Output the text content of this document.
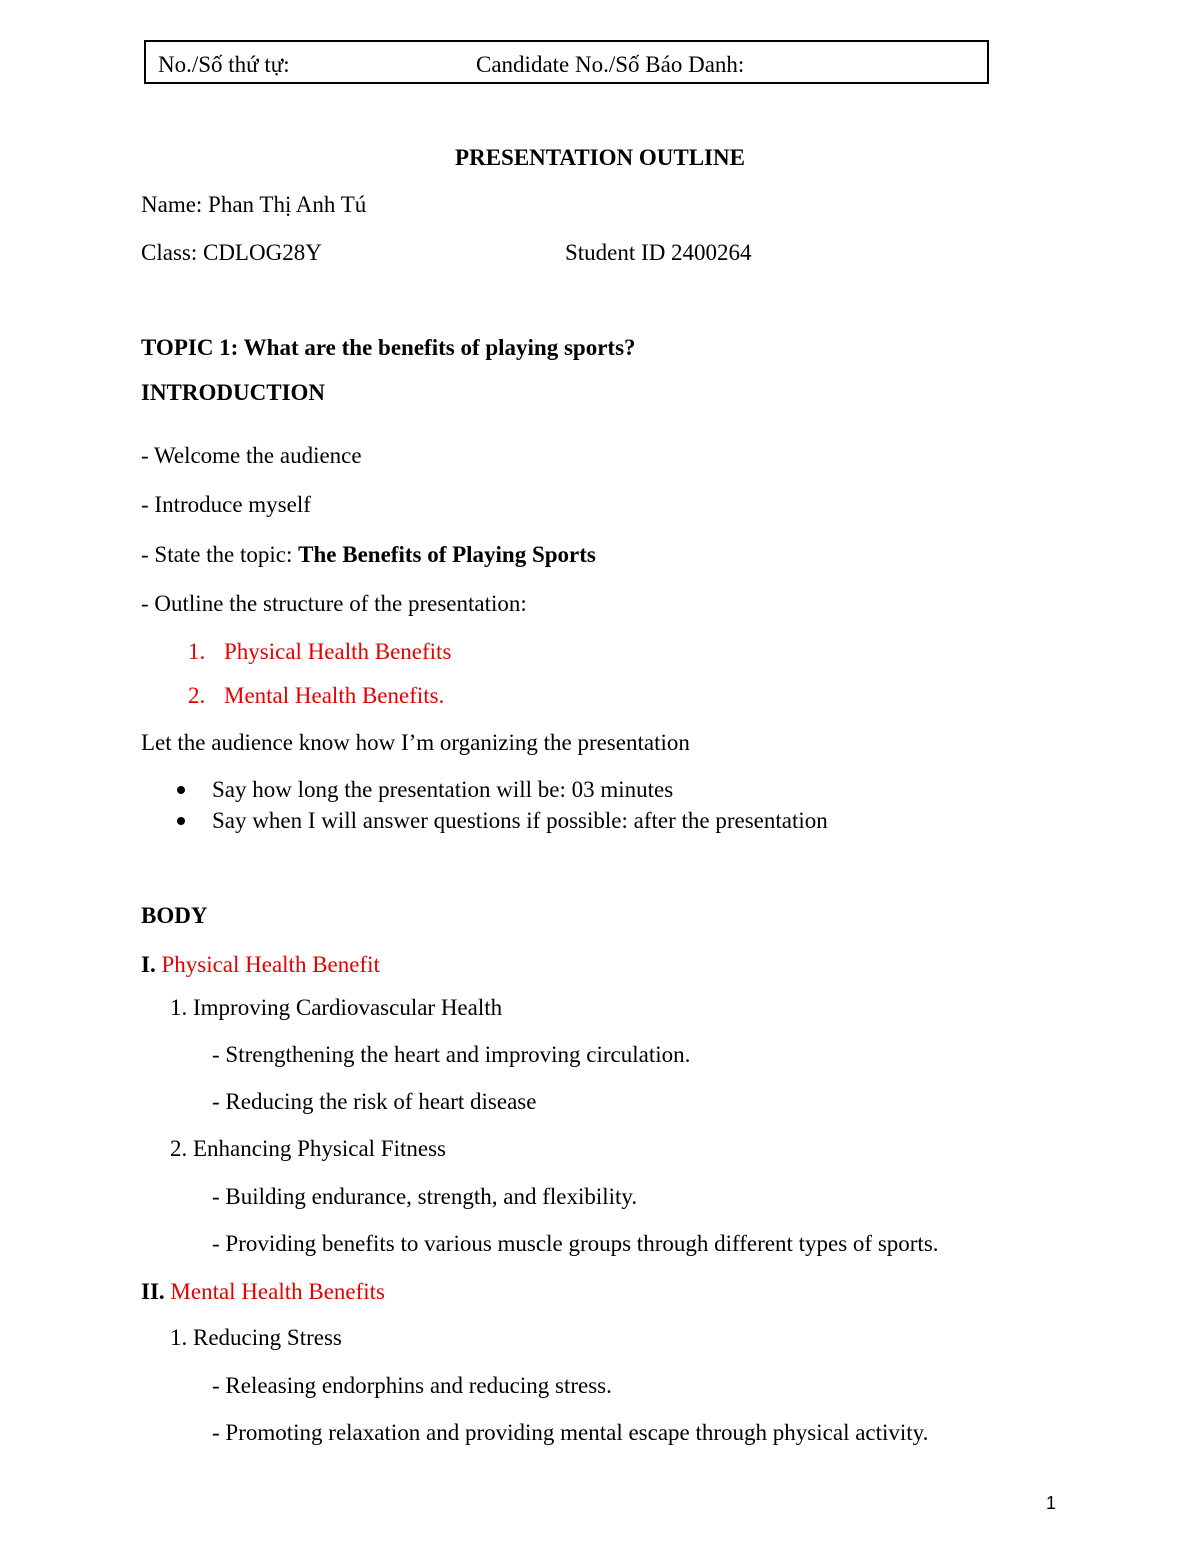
No./Số thứ tự:	Candidate No./Số Báo Danh:
PRESENTATION OUTLINE
Name: Phan Thị Anh Tú
Class: CDLOG28Y	Student ID 2400264
TOPIC 1: What are the benefits of playing sports?
INTRODUCTION
- Welcome the audience
- Introduce myself
- State the topic: The Benefits of Playing Sports
- Outline the structure of the presentation:
1. Physical Health Benefits
2. Mental Health Benefits.
Let the audience know how I’m organizing the presentation
Say how long the presentation will be: 03 minutes
Say when I will answer questions if possible: after the presentation
BODY
I. Physical Health Benefit
1. Improving Cardiovascular Health
- Strengthening the heart and improving circulation.
- Reducing the risk of heart disease
2. Enhancing Physical Fitness
- Building endurance, strength, and flexibility.
- Providing benefits to various muscle groups through different types of sports.
II. Mental Health Benefits
1. Reducing Stress
- Releasing endorphins and reducing stress.
- Promoting relaxation and providing mental escape through physical activity.
1
